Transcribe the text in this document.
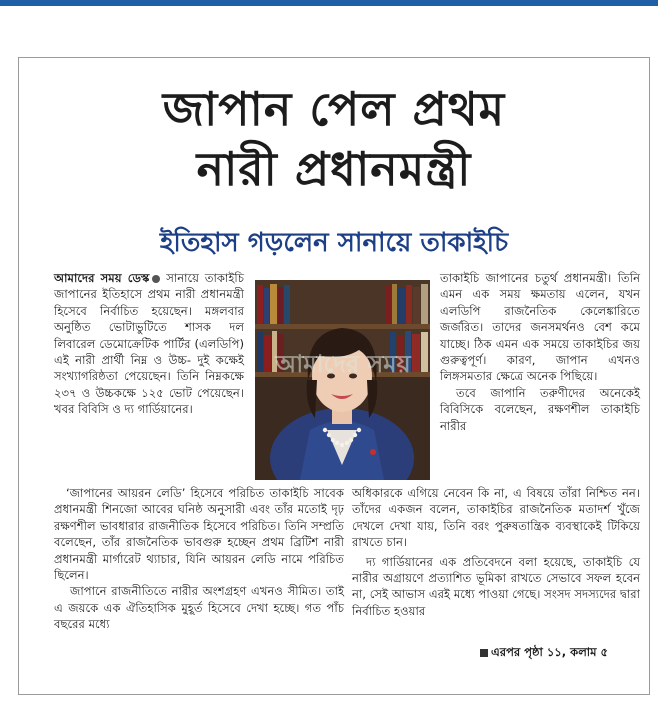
জাপান পেল প্রথম
নারী প্রধানমন্ত্রী
ইতিহাস গড়লেন সানায়ে তাকাইচি
আমাদের সময় ডেস্ক সানায়ে তাকাইচি জাপানের ইতিহাসে প্রথম নারী প্রধানমন্ত্রী হিসেবে নির্বাচিত হয়েছেন। মঙ্গলবার অনুষ্ঠিত ভোটাভুটিতে শাসক দল লিবারেল ডেমোক্রেটিক পার্টির (এলডিপি) এই নারী প্রার্থী নিম্ন ও উচ্চ- দুই কক্ষেই সংখ্যাগরিষ্ঠতা পেয়েছেন। তিনি নিম্নকক্ষে ২৩৭ ও উচ্চকক্ষে ১২৫ ভোট পেয়েছেন। খবর বিবিসি ও দ্য গার্ডিয়ানের।
আমাদের সময়
তাকাইচি জাপানের চতুর্থ প্রধানমন্ত্রী। তিনি এমন এক সময় ক্ষমতায় এলেন, যখন এলডিপি রাজনৈতিক কেলেঙ্কারিতে জর্জরিত। তাদের জনসমর্থনও বেশ কমে যাচ্ছে। ঠিক এমন এক সময়ে তাকাইচির জয় গুরুত্বপূর্ণ। কারণ, জাপান এখনও লিঙ্গসমতার ক্ষেত্রে অনেক পিছিয়ে।
তবে জাপানি তরুণীদের অনেকেই বিবিসিকে বলেছেন, রক্ষণশীল তাকাইচি নারীর
‘জাপানের আয়রন লেডি’ হিসেবে পরিচিত তাকাইচি সাবেক প্রধানমন্ত্রী শিনজো আবের ঘনিষ্ঠ অনুসারী এবং তাঁর মতোই দৃঢ় রক্ষণশীল ভাবধারার রাজনীতিক হিসেবে পরিচিত। তিনি সম্প্রতি বলেছেন, তাঁর রাজনৈতিক ভাবগুরু হচ্ছেন প্রথম ব্রিটিশ নারী প্রধানমন্ত্রী মার্গারেট থ্যাচার, যিনি আয়রন লেডি নামে পরিচিত ছিলেন।
জাপানে রাজনীতিতে নারীর অংশগ্রহণ এখনও সীমিত। তাই এ জয়কে এক ঐতিহাসিক মুহূর্ত হিসেবে দেখা হচ্ছে। গত পাঁচ বছরের মধ্যে
অধিকারকে এগিয়ে নেবেন কি না, এ বিষয়ে তাঁরা নিশ্চিত নন। তাঁদের একজন বলেন, তাকাইচির রাজনৈতিক মতাদর্শ খুঁজে দেখলে দেখা যায়, তিনি বরং পুরুষতান্ত্রিক ব্যবস্থাকেই টিকিয়ে রাখতে চান।
দ্য গার্ডিয়ানের এক প্রতিবেদনে বলা হয়েছে, তাকাইচি যে নারীর অগ্রায়ণে প্রত্যাশিত ভূমিকা রাখতে সেভাবে সফল হবেন না, সেই আভাস এরই মধ্যে পাওয়া গেছে। সংসদ সদস্যদের দ্বারা নির্বাচিত হওয়ার
এরপর পৃষ্ঠা ১১, কলাম ৫
